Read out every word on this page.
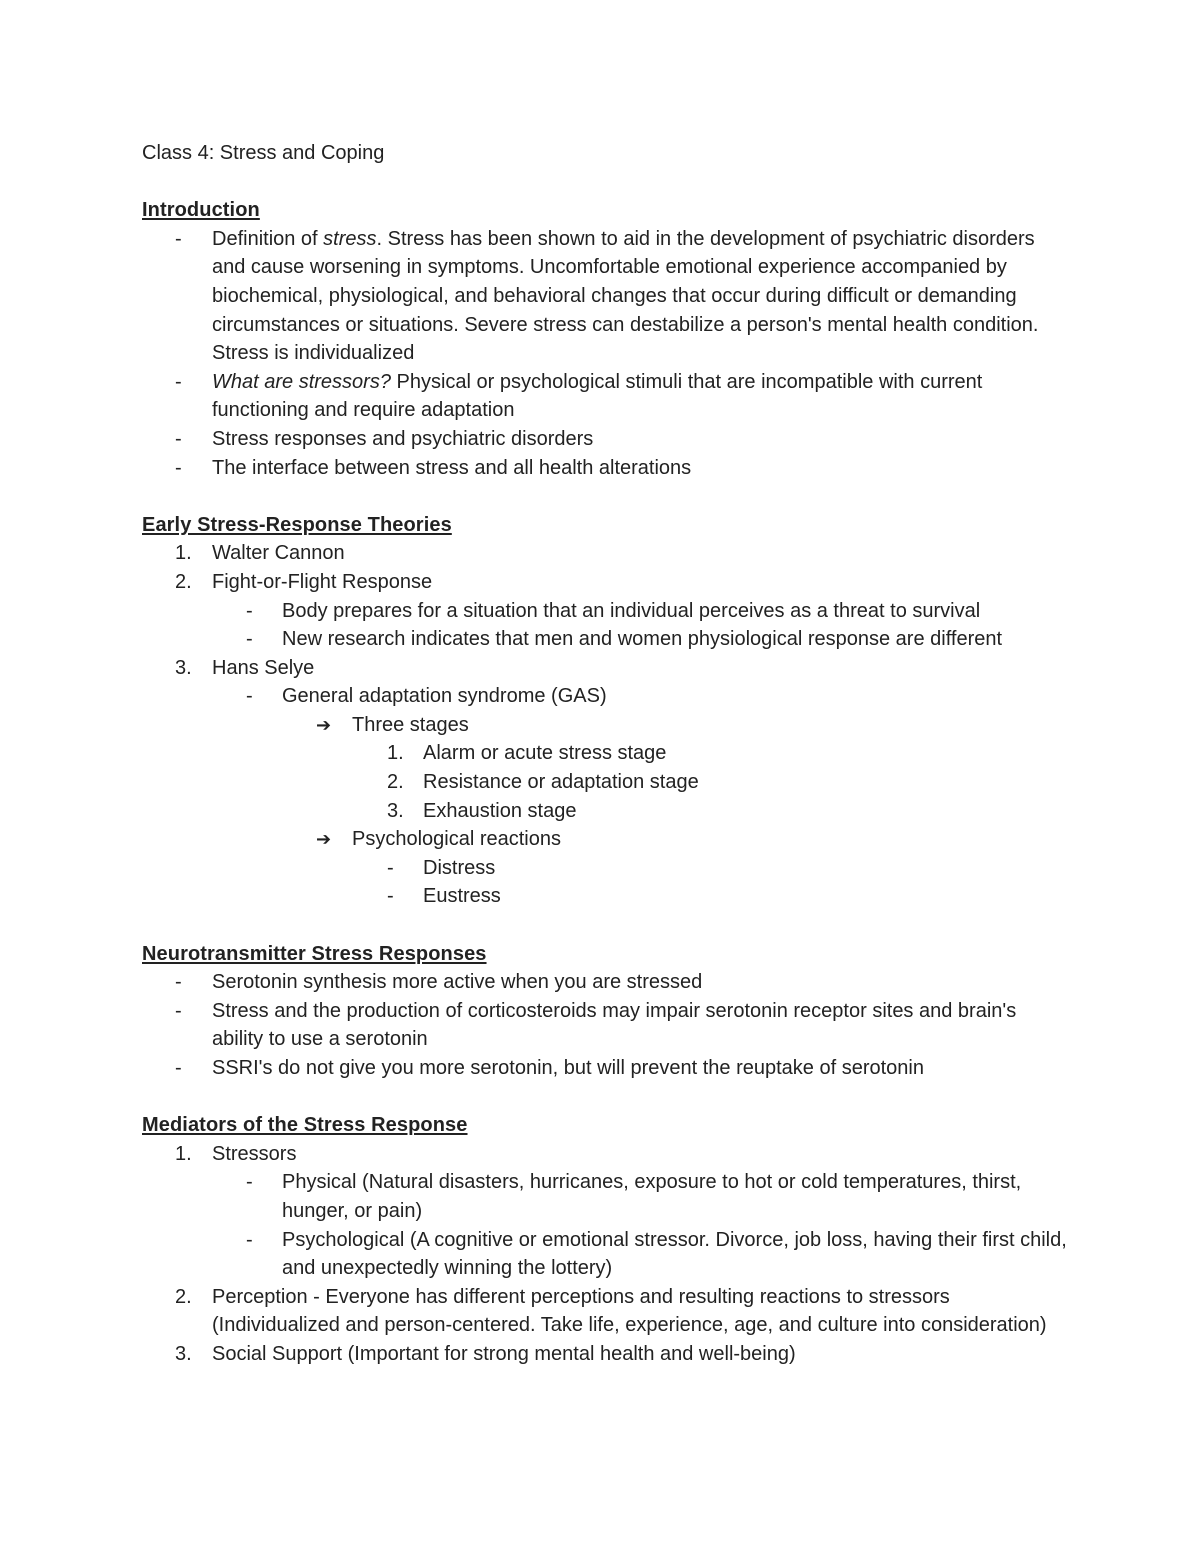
Class 4: Stress and Coping

Introduction
- Definition of stress. Stress has been shown to aid in the development of psychiatric disorders and cause worsening in symptoms. Uncomfortable emotional experience accompanied by biochemical, physiological, and behavioral changes that occur during difficult or demanding circumstances or situations. Severe stress can destabilize a person's mental health condition. Stress is individualized
- What are stressors? Physical or psychological stimuli that are incompatible with current functioning and require adaptation
- Stress responses and psychiatric disorders
- The interface between stress and all health alterations
Early Stress-Response Theories
1. Walter Cannon
2. Fight-or-Flight Response
- Body prepares for a situation that an individual perceives as a threat to survival
- New research indicates that men and women physiological response are different
3. Hans Selye
- General adaptation syndrome (GAS)
➔ Three stages
1. Alarm or acute stress stage
2. Resistance or adaptation stage
3. Exhaustion stage
➔ Psychological reactions
- Distress
- Eustress
Neurotransmitter Stress Responses
- Serotonin synthesis more active when you are stressed
- Stress and the production of corticosteroids may impair serotonin receptor sites and brain's ability to use a serotonin
- SSRI's do not give you more serotonin, but will prevent the reuptake of serotonin
Mediators of the Stress Response
1. Stressors
- Physical (Natural disasters, hurricanes, exposure to hot or cold temperatures, thirst, hunger, or pain)
- Psychological (A cognitive or emotional stressor. Divorce, job loss, having their first child, and unexpectedly winning the lottery)
2. Perception - Everyone has different perceptions and resulting reactions to stressors (Individualized and person-centered. Take life, experience, age, and culture into consideration)
3. Social Support (Important for strong mental health and well-being)
